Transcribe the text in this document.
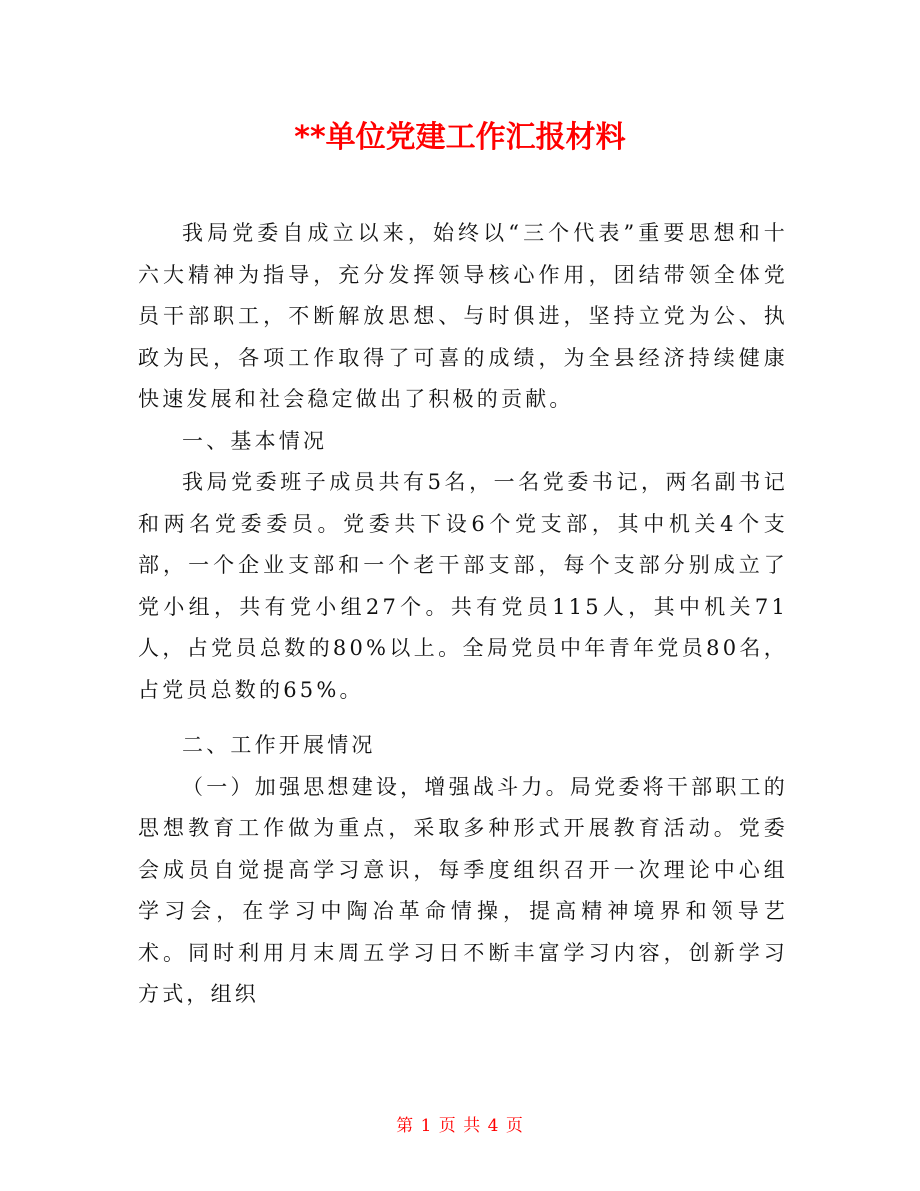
**单位党建工作汇报材料

我局党委自成立以来，始终以“三个代表”重要思想和十六大精神为指导，充分发挥领导核心作用，团结带领全体党员干部职工，不断解放思想、与时俱进，坚持立党为公、执政为民，各项工作取得了可喜的成绩，为全县经济持续健康快速发展和社会稳定做出了积极的贡献。

一、基本情况

我局党委班子成员共有5名，一名党委书记，两名副书记和两名党委委员。党委共下设6个党支部，其中机关4个支部，一个企业支部和一个老干部支部，每个支部分别成立了党小组，共有党小组27个。共有党员115人，其中机关71人，占党员总数的80%以上。全局党员中年青年党员80名，占党员总数的65%。

二、工作开展情况

（一）加强思想建设，增强战斗力。局党委将干部职工的思想教育工作做为重点，采取多种形式开展教育活动。党委会成员自觉提高学习意识，每季度组织召开一次理论中心组学习会，在学习中陶冶革命情操，提高精神境界和领导艺术。同时利用月末周五学习日不断丰富学习内容，创新学习方式，组织

第 1 页 共 4 页
